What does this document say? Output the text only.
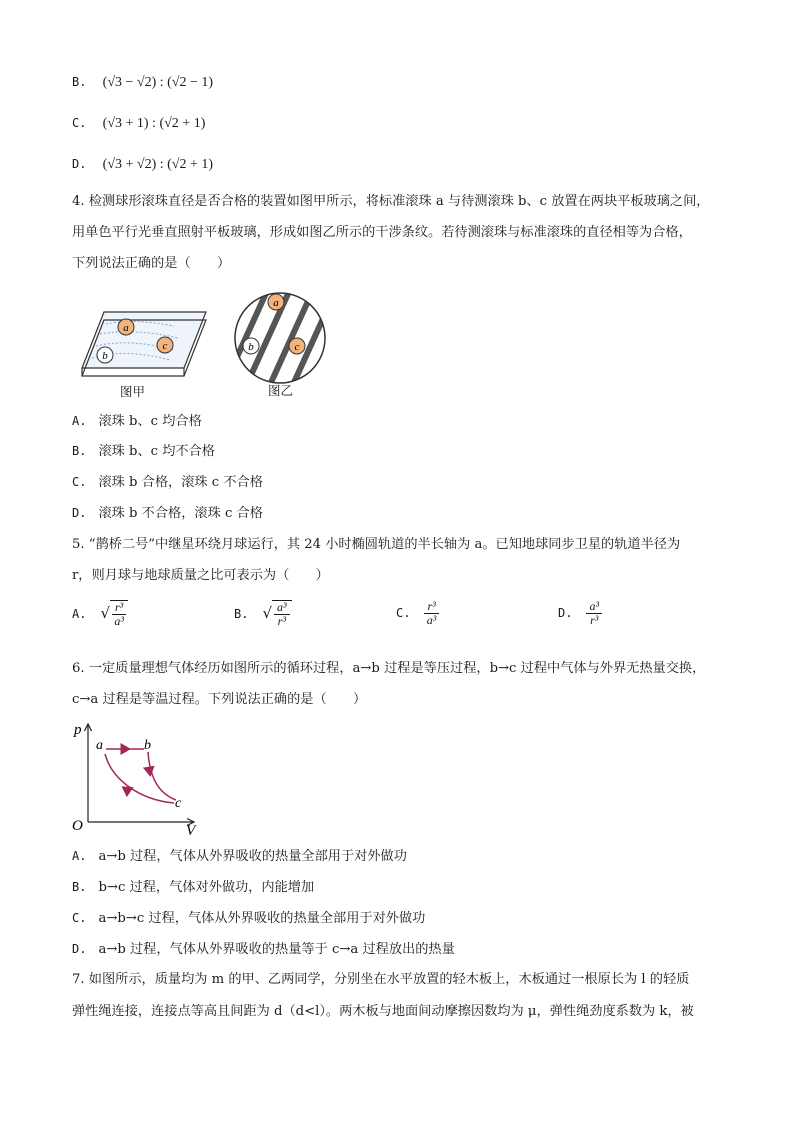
B. (√3 − √2) : (√2 − 1)
C. (√3 + 1) : (√2 + 1)
D. (√3 + √2) : (√2 + 1)
4. 检测球形滚珠直径是否合格的装置如图甲所示，将标准滚珠 a 与待测滚珠 b、c 放置在两块平板玻璃之间，
用单色平行光垂直照射平板玻璃，形成如图乙所示的干涉条纹。若待测滚珠与标准滚珠的直径相等为合格，
下列说法正确的是（　　）
a
b
c
图甲
a
b	c
图乙
A. 滚珠 b、c 均合格
B. 滚珠 b、c 均不合格
C. 滚珠 b 合格，滚珠 c 不合格
D. 滚珠 b 不合格，滚珠 c 合格
5. “鹊桥二号”中继星环绕月球运行，其 24 小时椭圆轨道的半长轴为 a。已知地球同步卫星的轨道半径为
r，则月球与地球质量之比可表示为（　　）
A. √ $\frac{\text{r³}}{\text{a³}}$	B. √ $\frac{\text{a³}}{\text{r³}}$	C. $\frac{\text{r³}}{\text{a³}}$	D. $\frac{\text{a³}}{\text{r³}}$
6. 一定质量理想气体经历如图所示的循环过程，a→b 过程是等压过程，b→c 过程中气体与外界无热量交换，
c→a 过程是等温过程。下列说法正确的是（　　）
p
V
O
a	b
c
A. a→b 过程，气体从外界吸收的热量全部用于对外做功
B. b→c 过程，气体对外做功，内能增加
C. a→b→c 过程，气体从外界吸收的热量全部用于对外做功
D. a→b 过程，气体从外界吸收的热量等于 c→a 过程放出的热量
7. 如图所示，质量均为 m 的甲、乙两同学，分别坐在水平放置的轻木板上，木板通过一根原长为 l 的轻质
弹性绳连接，连接点等高且间距为 d（d<l）。两木板与地面间动摩擦因数均为 μ，弹性绳劲度系数为 k，被
